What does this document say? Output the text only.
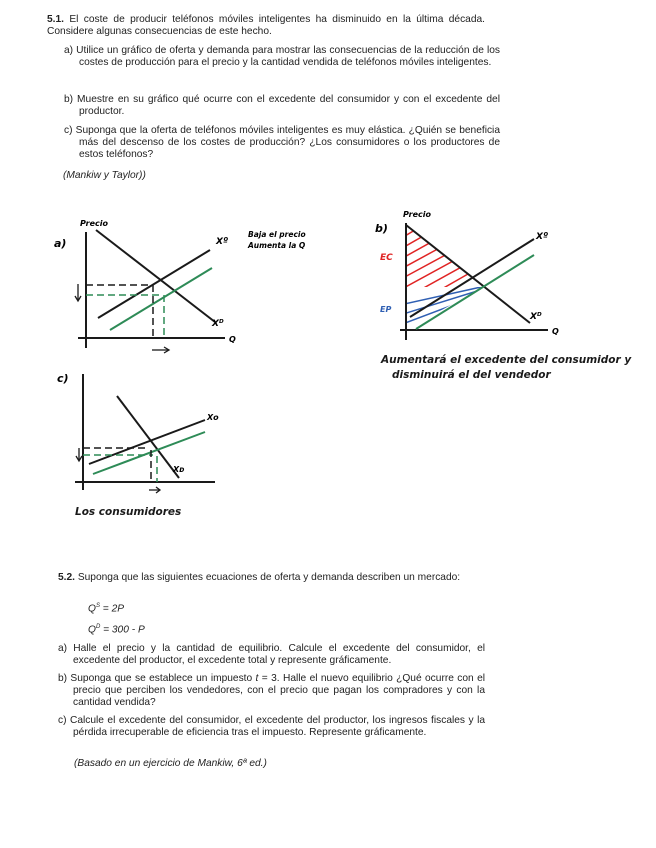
5.1. El coste de producir teléfonos móviles inteligentes ha disminuido en la última década. Considere algunas consecuencias de este hecho.
a) Utilice un gráfico de oferta y demanda para mostrar las consecuencias de la reducción de los costes de producción para el precio y la cantidad vendida de teléfonos móviles inteligentes.
b) Muestre en su gráfico qué ocurre con el excedente del consumidor y con el excedente del productor.
c) Suponga que la oferta de teléfonos móviles inteligentes es muy elástica. ¿Quién se beneficia más del descenso de los costes de producción? ¿Los consumidores o los productores de estos teléfonos?
(Mankiw y Taylor))
a)
Precio
Q
Xº
Xᴰ
Baja el precio
Aumenta la Q
b)
Precio
Q
Xº
Xᴰ
EC
EP
Aumentará el excedente del consumidor y
disminuirá el del vendedor
c)
Xo
Xᴅ
Los consumidores
5.2. Suponga que las siguientes ecuaciones de oferta y demanda describen un mercado:
$Q^S = 2P$
$Q^D = 300 - P$
a) Halle el precio y la cantidad de equilibrio. Calcule el excedente del consumidor, el excedente del productor, el excedente total y represente gráficamente.
b) Suponga que se establece un impuesto t = 3. Halle el nuevo equilibrio ¿Qué ocurre con el precio que perciben los vendedores, con el precio que pagan los compradores y con la cantidad vendida?
c) Calcule el excedente del consumidor, el excedente del productor, los ingresos fiscales y la pérdida irrecuperable de eficiencia tras el impuesto. Represente gráficamente.
(Basado en un ejercicio de Mankiw, 6ª ed.)
